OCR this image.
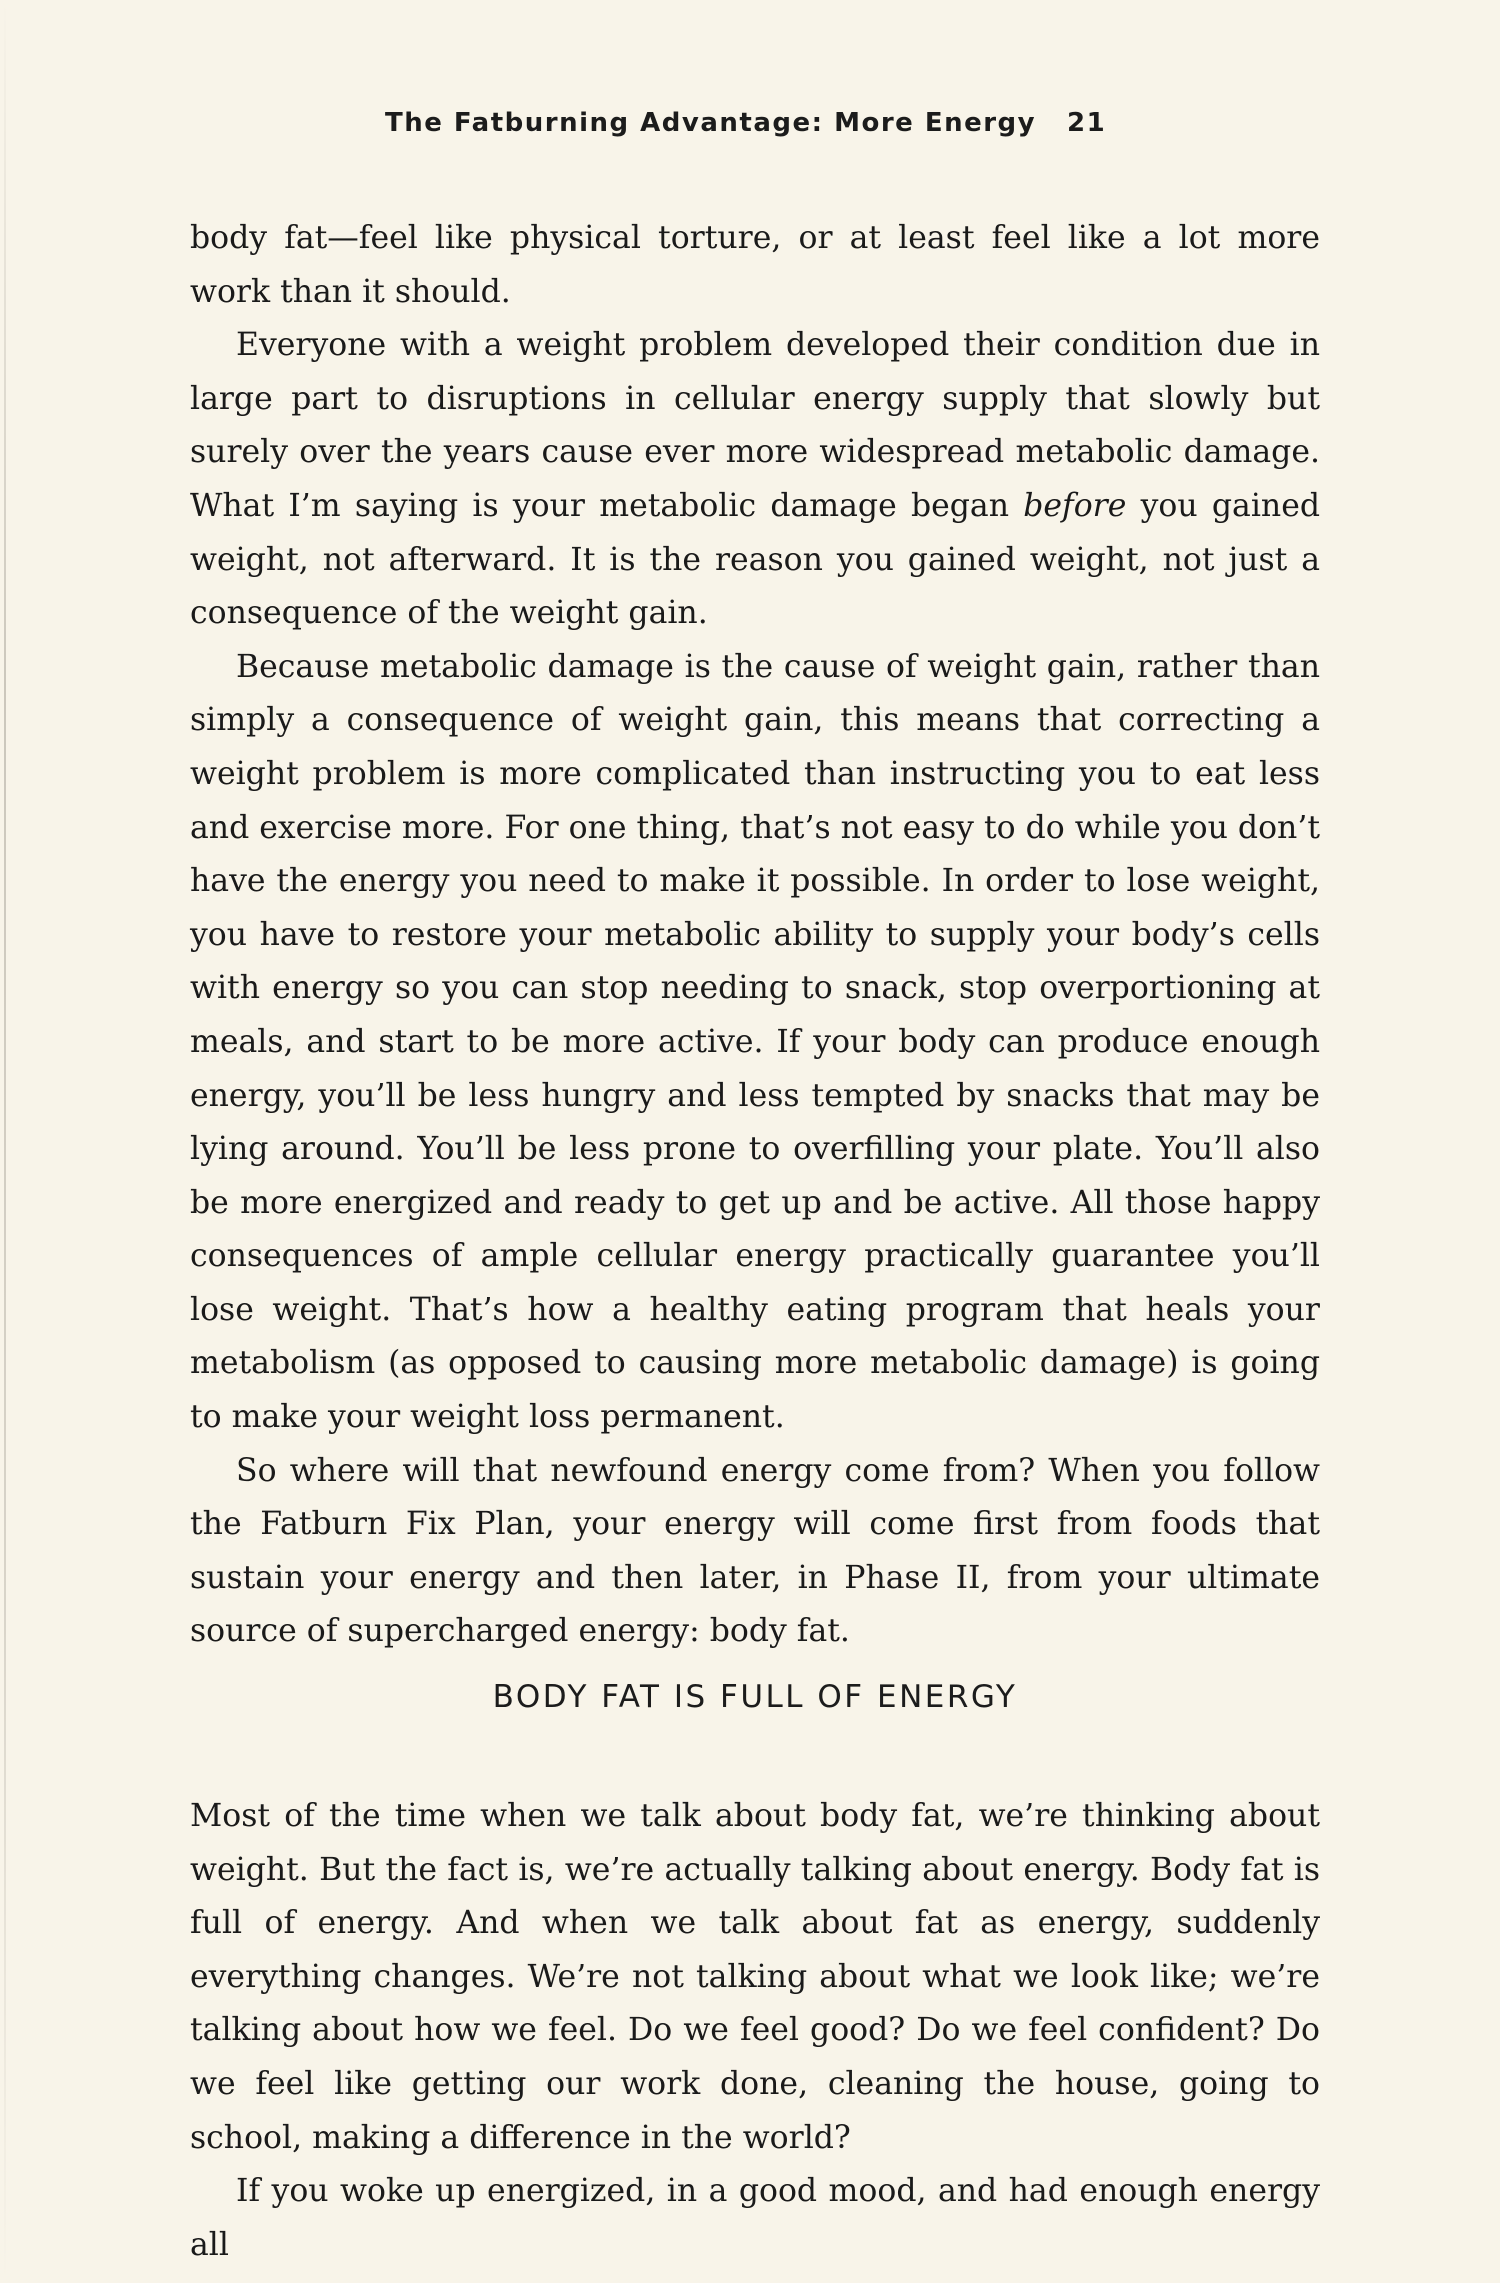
The Fatburning Advantage: More Energy 21

body fat—feel like physical torture, or at least feel like a lot more work than it should.

Everyone with a weight problem developed their condition due in large part to disruptions in cellular energy supply that slowly but surely over the years cause ever more widespread metabolic damage. What I’m saying is your metabolic damage began before you gained weight, not afterward. It is the reason you gained weight, not just a consequence of the weight gain.

Because metabolic damage is the cause of weight gain, rather than simply a consequence of weight gain, this means that correcting a weight problem is more complicated than instructing you to eat less and exercise more. For one thing, that’s not easy to do while you don’t have the energy you need to make it possible. In order to lose weight, you have to restore your metabolic ability to supply your body’s cells with energy so you can stop needing to snack, stop overportioning at meals, and start to be more active. If your body can produce enough energy, you’ll be less hungry and less tempted by snacks that may be lying around. You’ll be less prone to overfilling your plate. You’ll also be more energized and ready to get up and be active. All those happy consequences of ample cellular energy practically guarantee you’ll lose weight. That’s how a healthy eating program that heals your metabolism (as opposed to causing more metabolic damage) is going to make your weight loss permanent.

So where will that newfound energy come from? When you follow the Fatburn Fix Plan, your energy will come first from foods that sustain your energy and then later, in Phase II, from your ultimate source of supercharged energy: body fat.

BODY FAT IS FULL OF ENERGY

Most of the time when we talk about body fat, we’re thinking about weight. But the fact is, we’re actually talking about energy. Body fat is full of energy. And when we talk about fat as energy, suddenly everything changes. We’re not talking about what we look like; we’re talking about how we feel. Do we feel good? Do we feel confident? Do we feel like getting our work done, cleaning the house, going to school, making a difference in the world?

If you woke up energized, in a good mood, and had enough energy all
